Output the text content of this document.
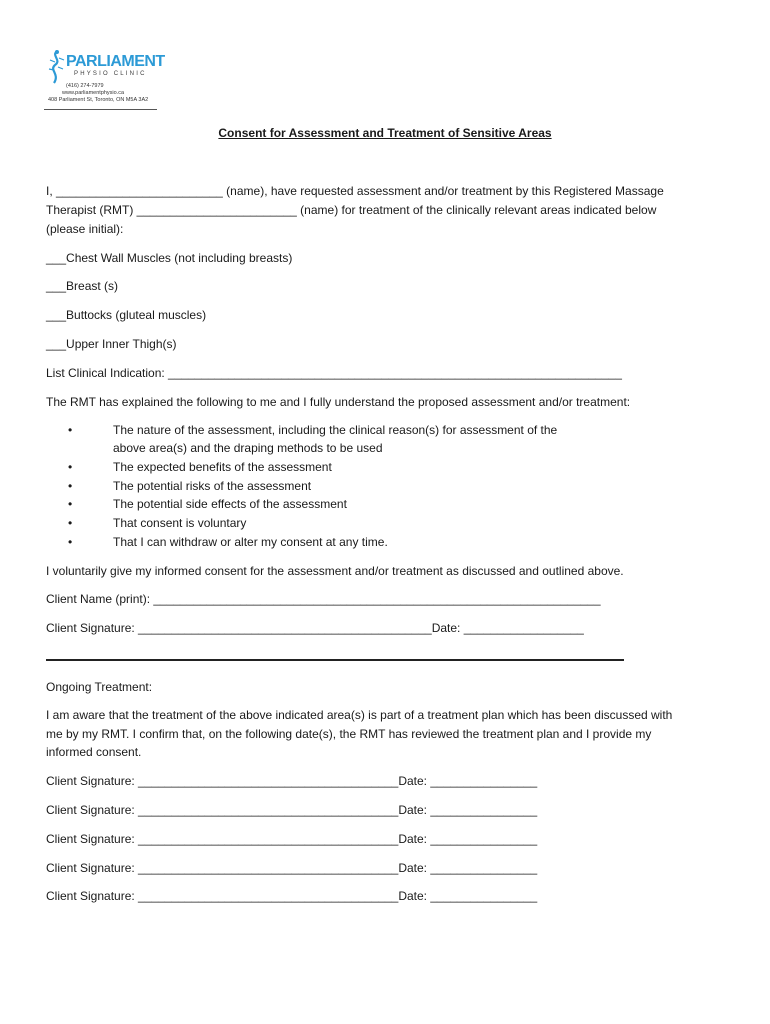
PARLIAMENT
PHYSIO CLINIC
(416) 274-7979
www.parliamentphysio.ca
408 Parliament St, Toronto, ON M5A 3A2
Consent for Assessment and Treatment of Sensitive Areas
I, _________________________ (name), have requested assessment and/or treatment by this Registered Massage
Therapist (RMT) ________________________ (name) for treatment of the clinically relevant areas indicated below
(please initial):
___Chest Wall Muscles (not including breasts)
___Breast (s)
___Buttocks (gluteal muscles)
___Upper Inner Thigh(s)
List Clinical Indication: ____________________________________________________________________
The RMT has explained the following to me and I fully understand the proposed assessment and/or treatment:
•	The nature of the assessment, including the clinical reason(s) for assessment of the
above area(s) and the draping methods to be used
•	The expected benefits of the assessment
•	The potential risks of the assessment
•	The potential side effects of the assessment
•	That consent is voluntary
•	That I can withdraw or alter my consent at any time.
I voluntarily give my informed consent for the assessment and/or treatment as discussed and outlined above.
Client Name (print): ___________________________________________________________________
Client Signature: ____________________________________________Date: __________________
Ongoing Treatment:
I am aware that the treatment of the above indicated area(s) is part of a treatment plan which has been discussed with
me by my RMT. I confirm that, on the following date(s), the RMT has reviewed the treatment plan and I provide my
informed consent.
Client Signature: _______________________________________Date: ________________
Client Signature: _______________________________________Date: ________________
Client Signature: _______________________________________Date: ________________
Client Signature: _______________________________________Date: ________________
Client Signature: _______________________________________Date: ________________
